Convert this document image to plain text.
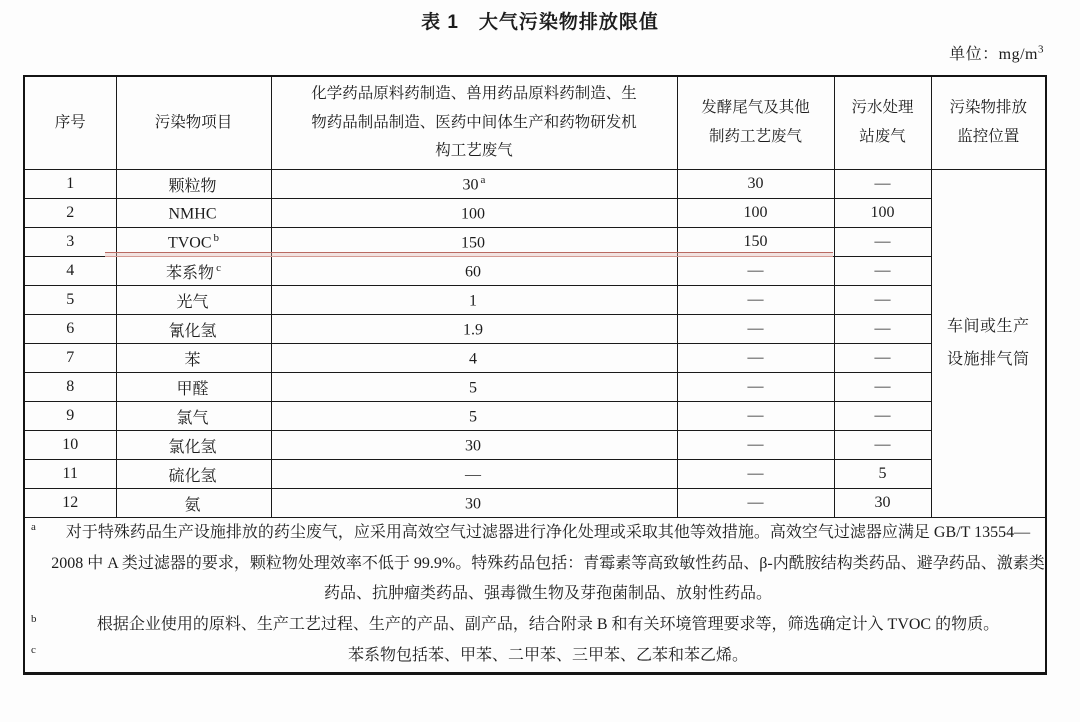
表 1　大气污染物排放限值
单位：$mg/m^3$
序号	污染物项目	化学药品原料药制造、兽用药品原料药制造、生物药品制品制造、医药中间体生产和药物研发机构工艺废气	发酵尾气及其他制药工艺废气	污水处理站废气	污染物排放监控位置

1	颗粒物	30 $^a$	30	—	车间或生产设施排气筒

2	NMHC	100	100	100	
3	TVOC $^b$	150	150	—	
4	苯系物 $^c$	60	—	—	
5	光气	1	—	—	
6	氰化氢	1.9	—	—	
7	苯	4	—	—	
8	甲醛	5	—	—	
9	氯气	5	—	—	
10	氯化氢	30	—	—	
11	硫化氢	—	—	5	
12	氨	30	—	30	

a 对于特殊药品生产设施排放的药尘废气，应采用高效空气过滤器进行净化处理或采取其他等效措施。高效空气过滤器应满足 GB/T 13554—2008 中 A 类过滤器的要求，颗粒物处理效率不低于 99.9%。特殊药品包括：青霉素等高致敏性药品、β-内酰胺结构类药品、避孕药品、激素类药品、抗肿瘤类药品、强毒微生物及芽孢菌制品、放射性药品。
b	根据企业使用的原料、生产工艺过程、生产的产品、副产品，结合附录 B 和有关环境管理要求等，筛选确定计入 TVOC 的物质。
c	苯系物包括苯、甲苯、二甲苯、三甲苯、乙苯和苯乙烯。
